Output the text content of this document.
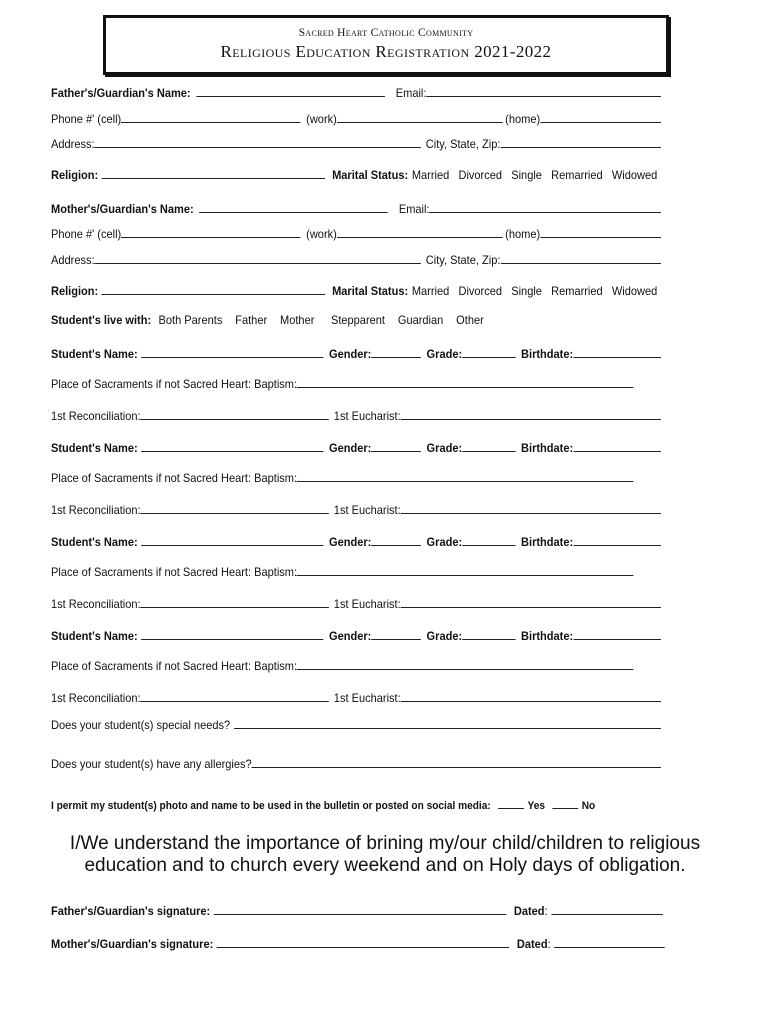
Sacred Heart Catholic Community
Religious Education Registration 2021-2022
Father's/Guardian's Name:	Email:
Phone #' (cell)	(work)	(home)
Address:	City, State, Zip:
Religion:	Marital Status: Married Divorced Single Remarried Widowed
Mother's/Guardian's Name:	Email:
Phone #' (cell)	(work)	(home)
Address:	City, State, Zip:
Religion:	Marital Status: Married Divorced Single Remarried Widowed
Student's live with: Both Parents Father Mother Stepparent Guardian Other
Student's Name:	Gender:	Grade:	Birthdate:
Place of Sacraments if not Sacred Heart: Baptism:
1st Reconciliation:	1st Eucharist:
Student's Name:	Gender:	Grade:	Birthdate:
Place of Sacraments if not Sacred Heart: Baptism:
1st Reconciliation:	1st Eucharist:
Student's Name:	Gender:	Grade:	Birthdate:
Place of Sacraments if not Sacred Heart: Baptism:
1st Reconciliation:	1st Eucharist:
Student's Name:	Gender:	Grade:	Birthdate:
Place of Sacraments if not Sacred Heart: Baptism:
1st Reconciliation:	1st Eucharist:
Does your student(s) special needs?
Does your student(s) have any allergies?
I permit my student(s) photo and name to be used in the bulletin or posted on social media:	Yes	No
I/We understand the importance of brining my/our child/children to religious education and to church every weekend and on Holy days of obligation.
Father's/Guardian's signature:	Dated :
Mother's/Guardian's signature:	Dated :
